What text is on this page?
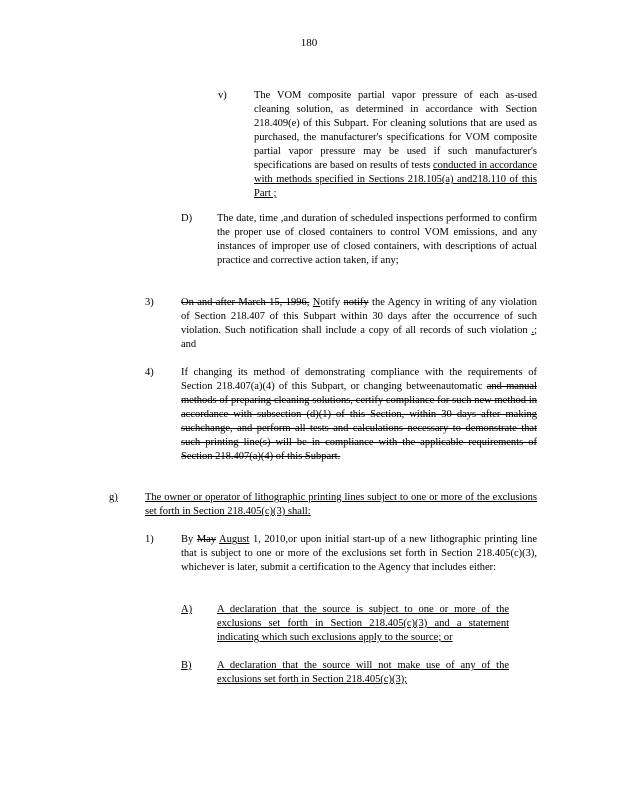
180
v)	The VOM composite partial vapor pressure of each as-used cleaning solution, as determined in accordance with Section 218.409(e) of this Subpart. For cleaning solutions that are used as purchased, the manufacturer's specifications for VOM composite partial vapor pressure may be used if such manufacturer's specifications are based on results of tests conducted in accordance with methods specified in Sections 218.105(a) and218.110 of this Part ;
D) The date, time ,and duration of scheduled inspections performed to confirm the proper use of closed containers to control VOM emissions, and any instances of improper use of closed containers, with descriptions of actual practice and corrective action taken, if any;
3)	On and after March 15, 1996, Notify notify the Agency in writing of any violation of Section 218.407 of this Subpart within 30 days after the occurrence of such violation. Such notification shall include a copy of all records of such violation .; and
4)	If changing its method of demonstrating compliance with the requirements of Section 218.407(a)(4) of this Subpart, or changing betweenautomatic and manual methods of preparing cleaning solutions, certify compliance for such new method in accordance with subsection (d)(1) of this Section, within 30 days after making suchchange, and perform all tests and calculations necessary to demonstrate that such printing line(s) will be in compliance with the applicable requirements of Section 218.407(a)(4) of this Subpart.
g)	The owner or operator of lithographic printing lines subject to one or more of the exclusions set forth in Section 218.405(c)(3) shall:
1)	By May August 1, 2010,or upon initial start-up of a new lithographic printing line that is subject to one or more of the exclusions set forth in Section 218.405(c)(3), whichever is later, submit a certification to the Agency that includes either:
A) A declaration that the source is subject to one or more of the exclusions set forth in Section 218.405(c)(3) and a statement indicating which such exclusions apply to the source; or
B) A declaration that the source will not make use of any of the exclusions set forth in Section 218.405(c)(3);
